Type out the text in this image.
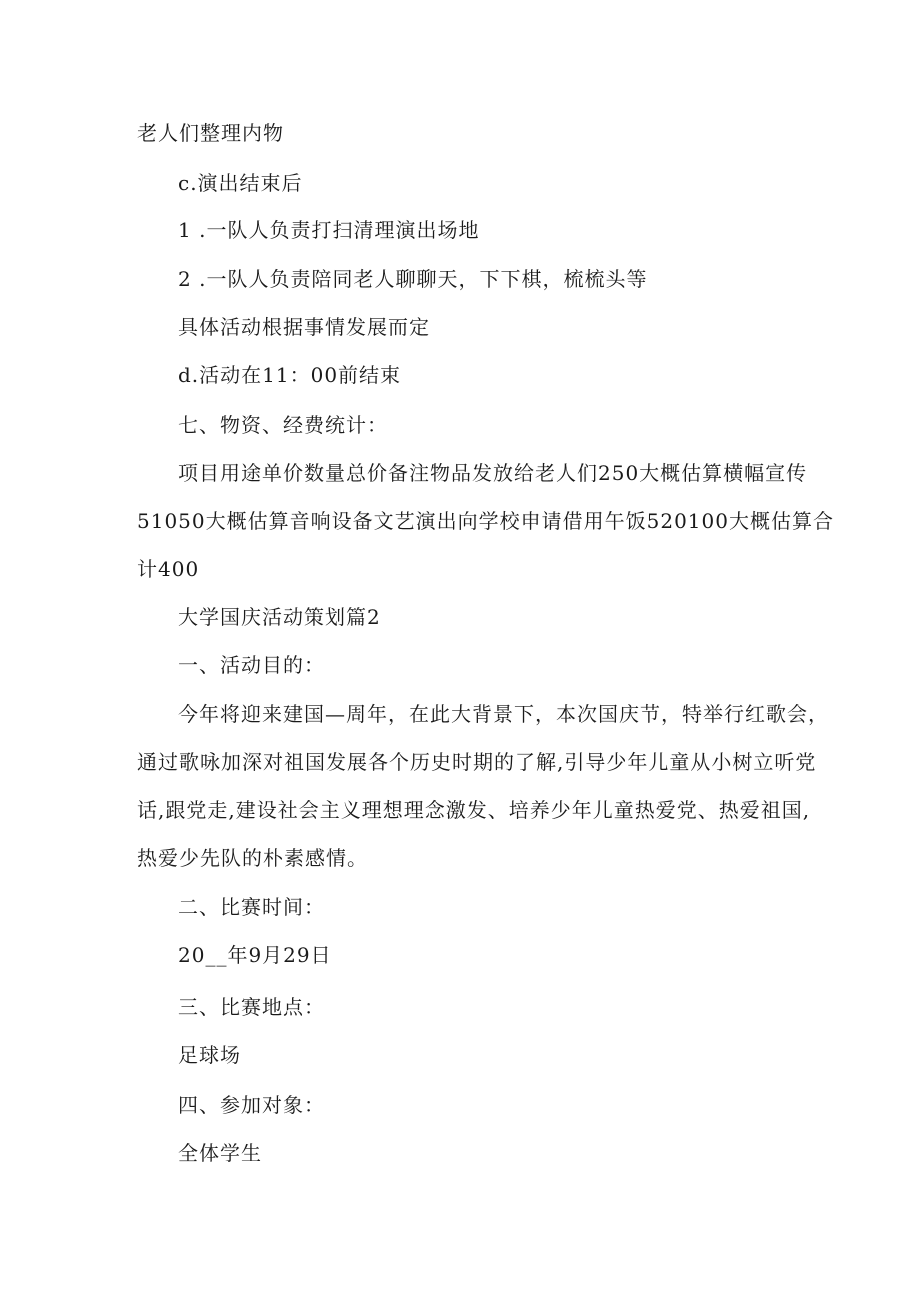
老人们整理内物
c.演出结束后
1 .一队人负责打扫清理演出场地
2 .一队人负责陪同老人聊聊天，下下棋，梳梳头等
具体活动根据事情发展而定
d.活动在11：00前结束
七、物资、经费统计：
项目用途单价数量总价备注物品发放给老人们250大概估算横幅宣传
51050大概估算音响设备文艺演出向学校申请借用午饭520100大概估算合
计400
大学国庆活动策划篇2
一、活动目的：
今年将迎来建国—周年，在此大背景下，本次国庆节，特举行红歌会，
通过歌咏加深对祖国发展各个历史时期的了解,引导少年儿童从小树立听党
话,跟党走,建设社会主义理想理念激发、培养少年儿童热爱党、热爱祖国,
热爱少先队的朴素感情。
二、比赛时间：
20__年9月29日
三、比赛地点：
足球场
四、参加对象：
全体学生
